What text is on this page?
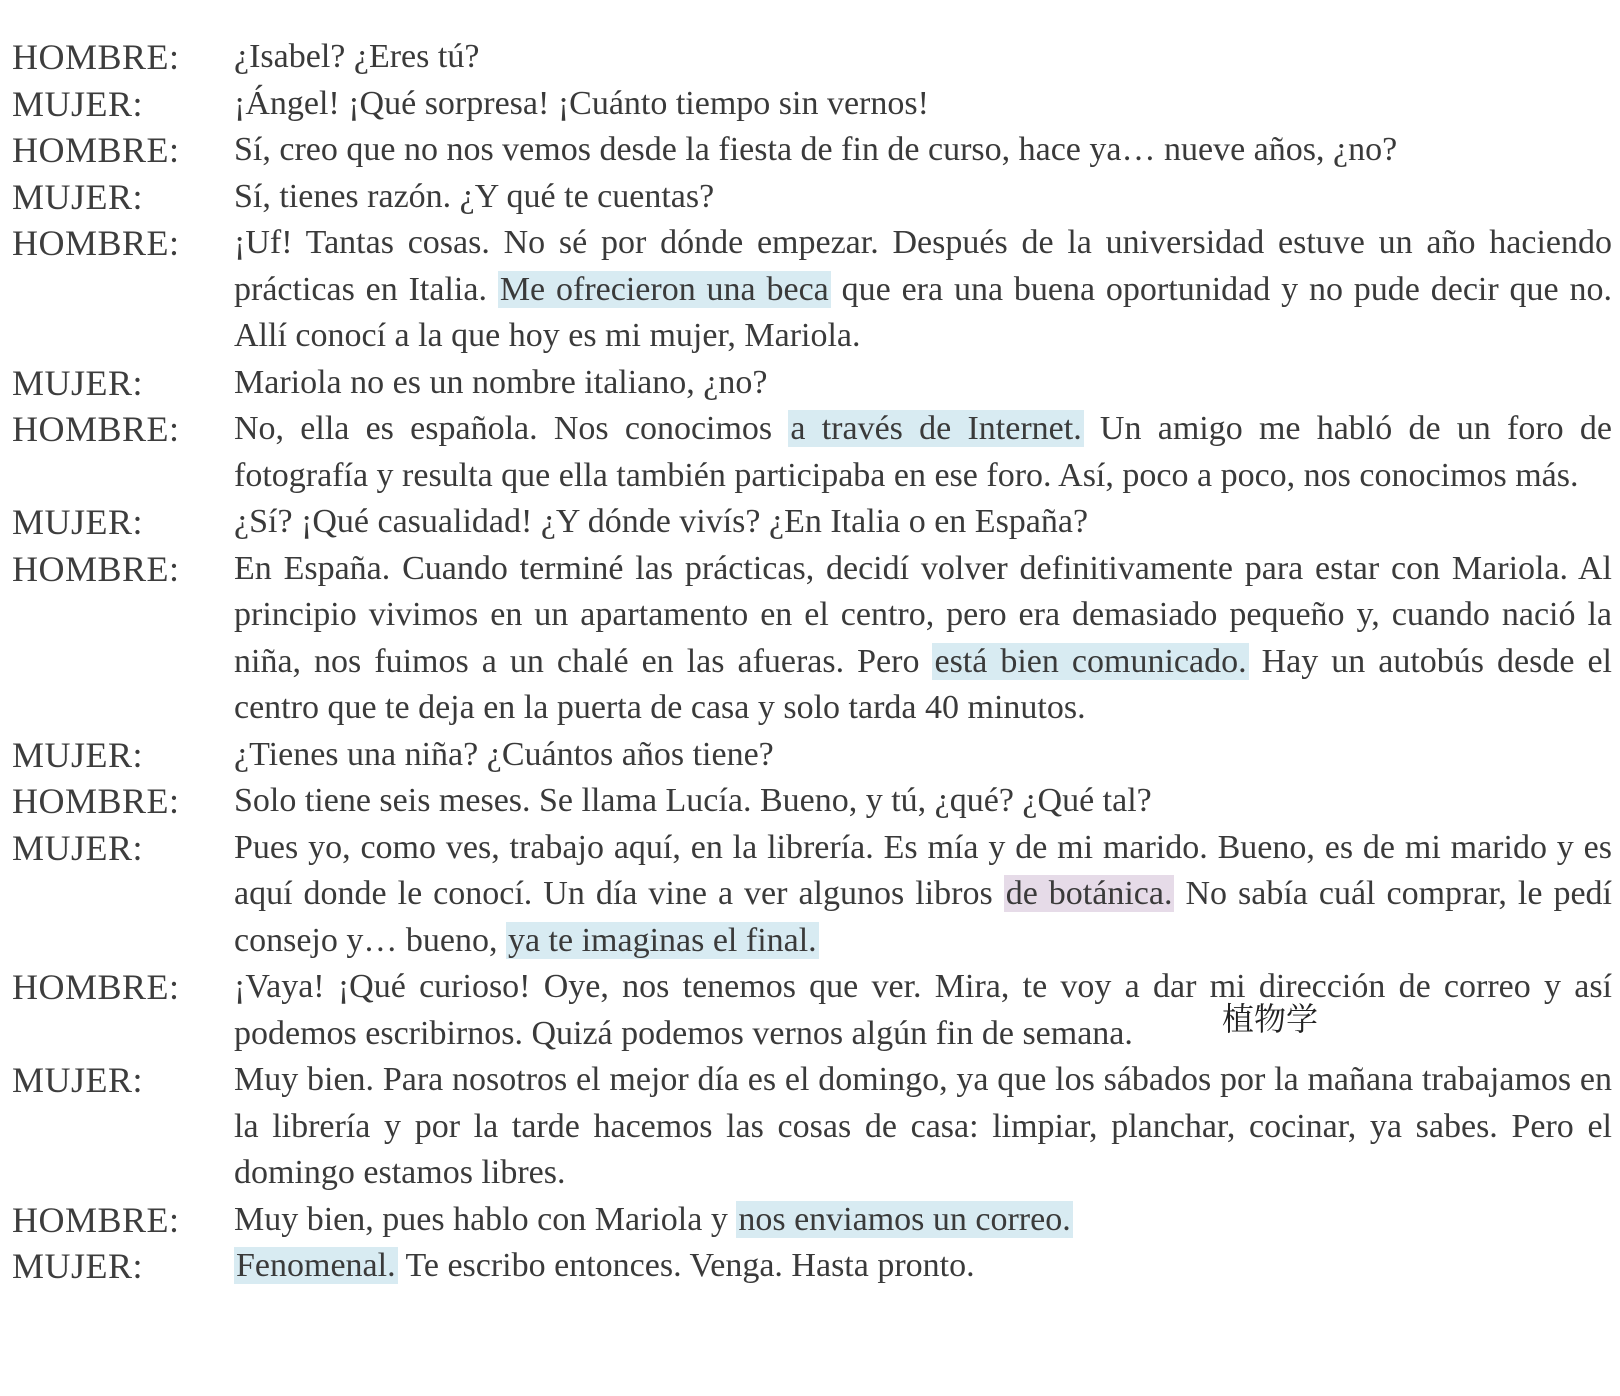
HOMBRE:	¿Isabel? ¿Eres tú?
MUJER:	¡Ángel! ¡Qué sorpresa! ¡Cuánto tiempo sin vernos!
HOMBRE:	Sí, creo que no nos vemos desde la fiesta de fin de curso, hace ya… nueve años, ¿no?
MUJER:	Sí, tienes razón. ¿Y qué te cuentas?
HOMBRE:	¡Uf! Tantas cosas. No sé por dónde empezar. Después de la universidad estuve un año haciendo prácticas en Italia. Me ofrecieron una beca que era una buena oportunidad y no pude decir que no. Allí conocí a la que hoy es mi mujer, Mariola.
MUJER:	Mariola no es un nombre italiano, ¿no?
HOMBRE:	No, ella es española. Nos conocimos a través de Internet. Un amigo me habló de un foro de fotografía y resulta que ella también participaba en ese foro. Así, poco a poco, nos conocimos más.
MUJER:	¿Sí? ¡Qué casualidad! ¿Y dónde vivís? ¿En Italia o en España?
HOMBRE:	En España. Cuando terminé las prácticas, decidí volver definitivamente para estar con Mariola. Al principio vivimos en un apartamento en el centro, pero era demasiado pequeño y, cuando nació la niña, nos fuimos a un chalé en las afueras. Pero está bien comunicado. Hay un autobús desde el centro que te deja en la puerta de casa y solo tarda 40 minutos.
MUJER:	¿Tienes una niña? ¿Cuántos años tiene?
HOMBRE:	Solo tiene seis meses. Se llama Lucía. Bueno, y tú, ¿qué? ¿Qué tal?
MUJER:	Pues yo, como ves, trabajo aquí, en la librería. Es mía y de mi marido. Bueno, es de mi marido y es aquí donde le conocí. Un día vine a ver algunos libros de botánica. No sabía cuál comprar, le pedí consejo y… bueno, ya te imaginas el final.
HOMBRE:	¡Vaya! ¡Qué curioso! Oye, nos tenemos que ver. Mira, te voy a dar mi dirección de correo y así podemos escribirnos. Quizá podemos vernos algún fin de semana.
MUJER:	Muy bien. Para nosotros el mejor día es el domingo, ya que los sábados por la mañana trabajamos en la librería y por la tarde hacemos las cosas de casa: limpiar, planchar, cocinar, ya sabes. Pero el domingo estamos libres.
HOMBRE:	Muy bien, pues hablo con Mariola y nos enviamos un correo.
MUJER:	Fenomenal. Te escribo entonces. Venga. Hasta pronto.
植物学
